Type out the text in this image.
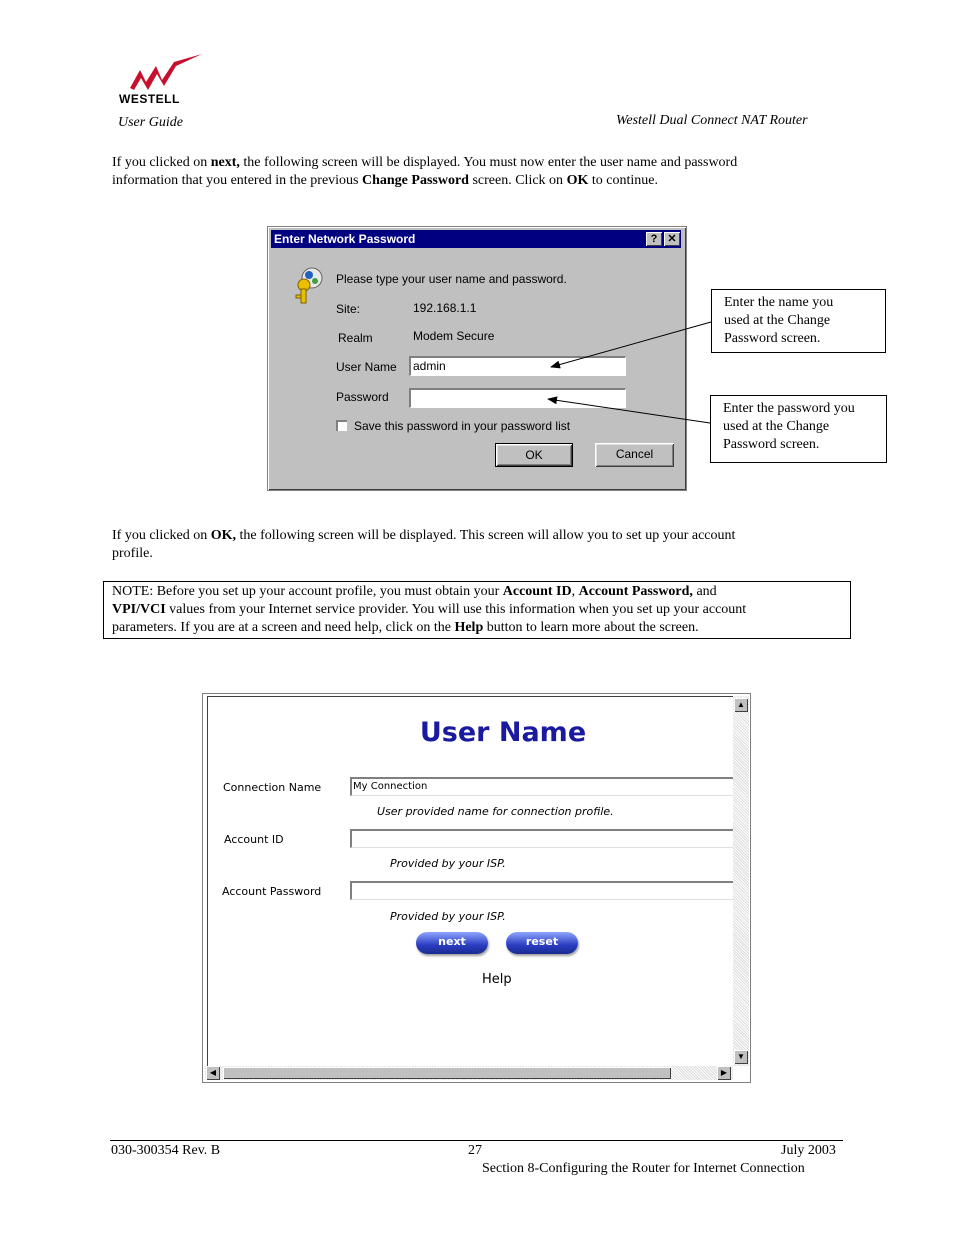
WESTELL
User Guide	Westell Dual Connect NAT Router
If you clicked on next, the following screen will be displayed. You must now enter the user name and password
information that you entered in the previous Change Password screen. Click on OK to continue.
Enter Network Password	? ✕
Please type your user name and password.
Site:	192.168.1.1
Realm	Modem Secure
User Name	admin
Password
Save this password in your password list
OK	Cancel
Enter the name you
used at the Change
Password screen.
Enter the password you
used at the Change
Password screen.
If you clicked on OK, the following screen will be displayed. This screen will allow you to set up your account
profile.
NOTE: Before you set up your account profile, you must obtain your Account ID, Account Password, and
VPI/VCI values from your Internet service provider. You will use this information when you set up your account
parameters. If you are at a screen and need help, click on the Help button to learn more about the screen.
User Name
Connection Name	My Connection
User provided name for connection profile.
Account ID
Provided by your ISP.
Account Password
Provided by your ISP.
next	reset
Help
▲
▼
◀	▶
030-300354 Rev. B	27	July 2003
Section 8-Configuring the Router for Internet Connection
